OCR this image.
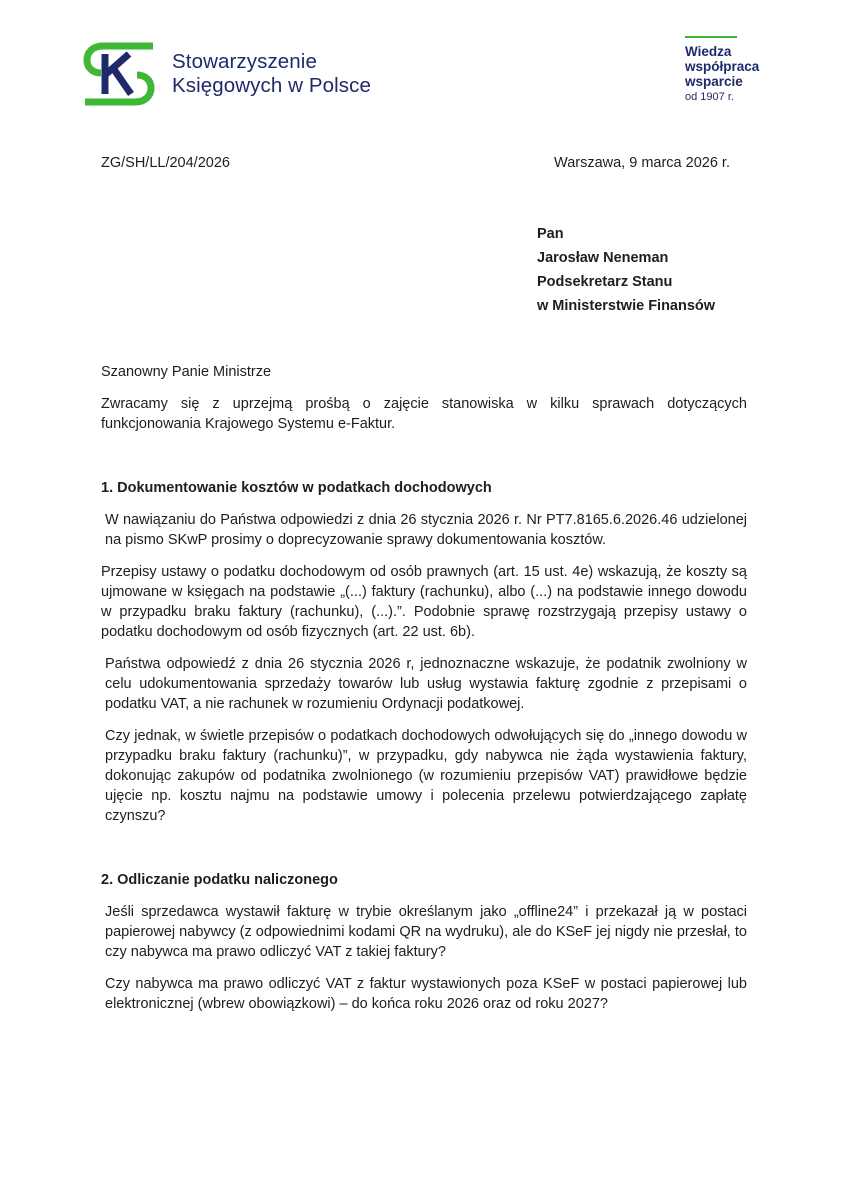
Stowarzyszenie
Księgowych w Polsce
Wiedza
współpraca
wsparcie
od 1907 r.
ZG/SH/LL/204/2026	Warszawa, 9 marca 2026 r.
Pan
Jarosław Neneman
Podsekretarz Stanu
w Ministerstwie Finansów

Szanowny Panie Ministrze

Zwracamy się z uprzejmą prośbą o zajęcie stanowiska w kilku sprawach dotyczących funkcjonowania Krajowego Systemu e-Faktur.

1. Dokumentowanie kosztów w podatkach dochodowych

W nawiązaniu do Państwa odpowiedzi z dnia 26 stycznia 2026 r. Nr PT7.8165.6.2026.46 udzielonej na pismo SKwP prosimy o doprecyzowanie sprawy dokumentowania kosztów.

Przepisy ustawy o podatku dochodowym od osób prawnych (art. 15 ust. 4e) wskazują, że koszty są ujmowane w księgach na podstawie „(...) faktury (rachunku), albo (...) na podstawie innego dowodu w przypadku braku faktury (rachunku), (...).”. Podobnie sprawę rozstrzygają przepisy ustawy o podatku dochodowym od osób fizycznych (art. 22 ust. 6b).

Państwa odpowiedź z dnia 26 stycznia 2026 r, jednoznaczne wskazuje, że podatnik zwolniony w celu udokumentowania sprzedaży towarów lub usług wystawia fakturę zgodnie z przepisami o podatku VAT, a nie rachunek w rozumieniu Ordynacji podatkowej.

Czy jednak, w świetle przepisów o podatkach dochodowych odwołujących się do „innego dowodu w przypadku braku faktury (rachunku)”, w przypadku, gdy nabywca nie żąda wystawienia faktury, dokonując zakupów od podatnika zwolnionego (w rozumieniu przepisów VAT) prawidłowe będzie ujęcie np. kosztu najmu na podstawie umowy i polecenia przelewu potwierdzającego zapłatę czynszu?

2. Odliczanie podatku naliczonego

Jeśli sprzedawca wystawił fakturę w trybie określanym jako „offline24” i przekazał ją w postaci papierowej nabywcy (z odpowiednimi kodami QR na wydruku), ale do KSeF jej nigdy nie przesłał, to czy nabywca ma prawo odliczyć VAT z takiej faktury?

Czy nabywca ma prawo odliczyć VAT z faktur wystawionych poza KSeF w postaci papierowej lub elektronicznej (wbrew obowiązkowi) – do końca roku 2026 oraz od roku 2027?
